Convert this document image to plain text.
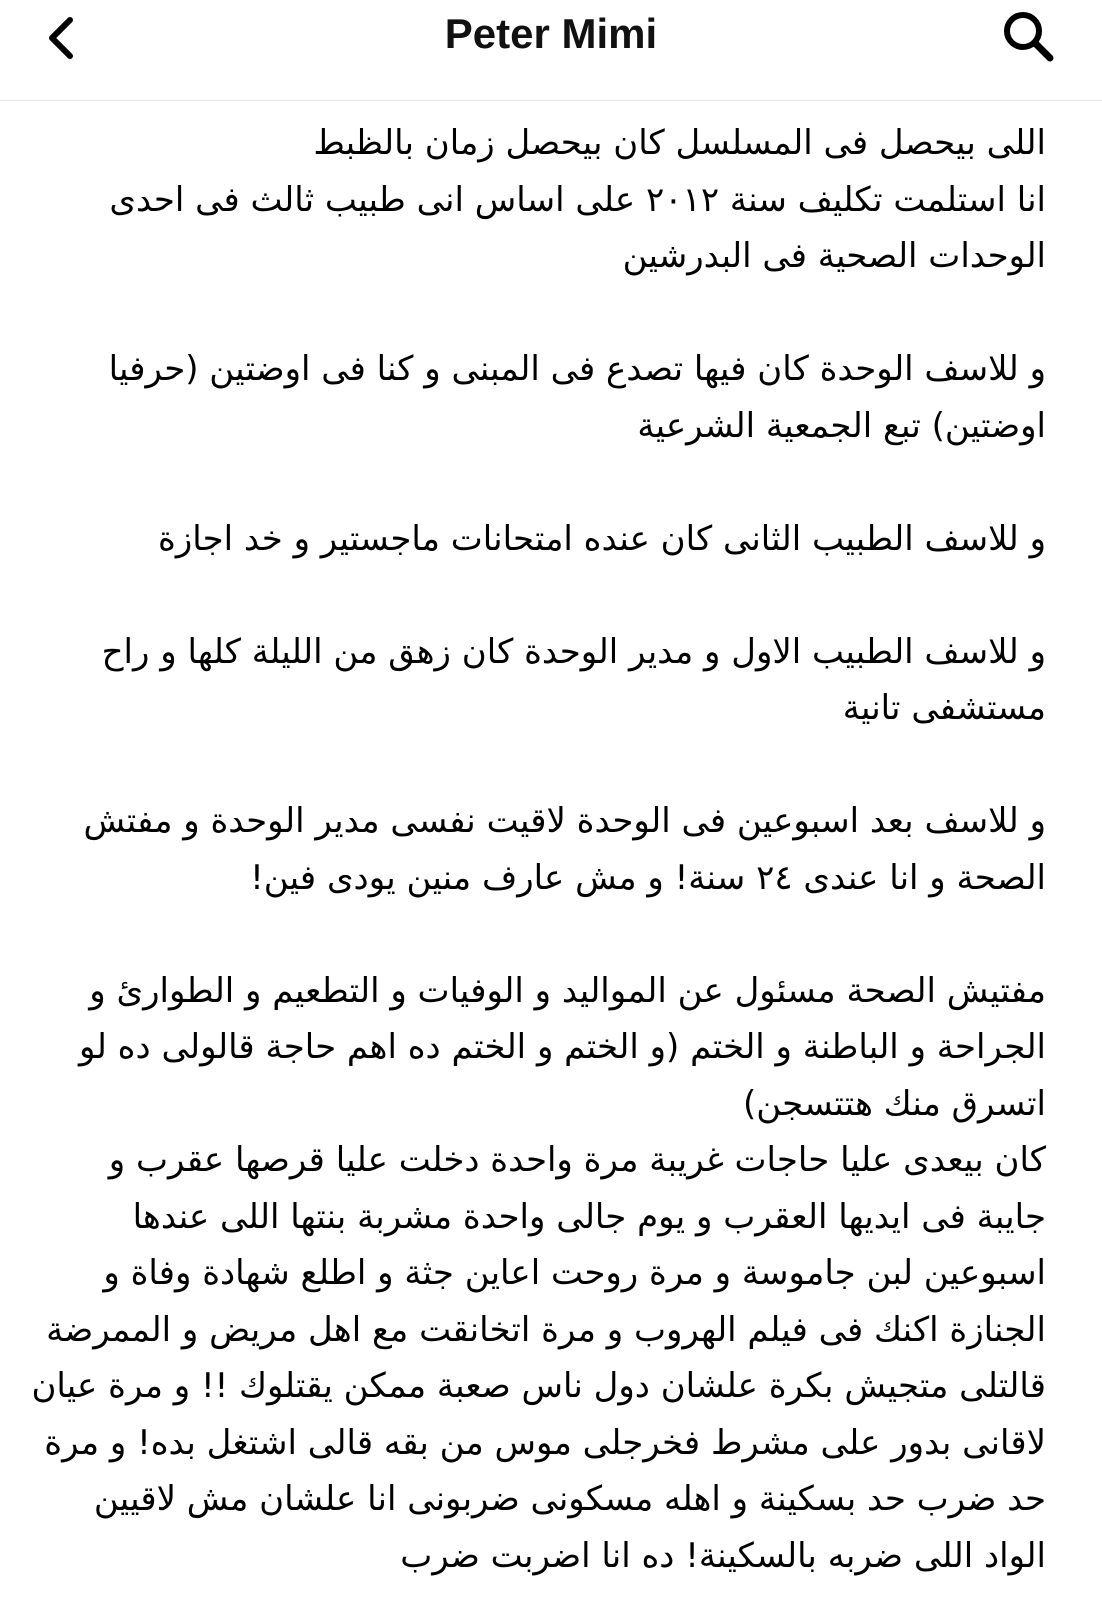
Peter Mimi

اللى بيحصل فى المسلسل كان بيحصل زمان بالظبط
انا استلمت تكليف سنة ٢٠١٢ على اساس انى طبيب ثالث فى احدى الوحدات الصحية فى البدرشين

و للاسف الوحدة كان فيها تصدع فى المبنى و كنا فى اوضتين (حرفيا اوضتين) تبع الجمعية الشرعية

و للاسف الطبيب الثانى كان عنده امتحانات ماجستير و خد اجازة

و للاسف الطبيب الاول و مدير الوحدة كان زهق من الليلة كلها و راح مستشفى تانية

و للاسف بعد اسبوعين فى الوحدة لاقيت نفسى مدير الوحدة و مفتش الصحة و انا عندى ٢٤ سنة! و مش عارف منين يودى فين!

مفتيش الصحة مسئول عن المواليد و الوفيات و التطعيم و الطوارئ و الجراحة و الباطنة و الختم (و الختم و الختم ده اهم حاجة قالولى ده لو اتسرق منك هتتسجن)
كان بيعدى عليا حاجات غريبة مرة واحدة دخلت عليا قرصها عقرب و جايبة فى ايديها العقرب و يوم جالى واحدة مشربة بنتها اللى عندها اسبوعين لبن جاموسة و مرة روحت اعاين جثة و اطلع شهادة وفاة و الجنازة اكنك فى فيلم الهروب و مرة اتخانقت مع اهل مريض و الممرضة قالتلى متجيش بكرة علشان دول ناس صعبة ممكن يقتلوك !! و مرة عيان لاقانى بدور على مشرط فخرجلى موس من بقه قالى اشتغل بده! و مرة حد ضرب حد بسكينة و اهله مسكونى ضربونى انا علشان مش لاقيين الواد اللى ضربه بالسكينة! ده انا اضربت ضرب
